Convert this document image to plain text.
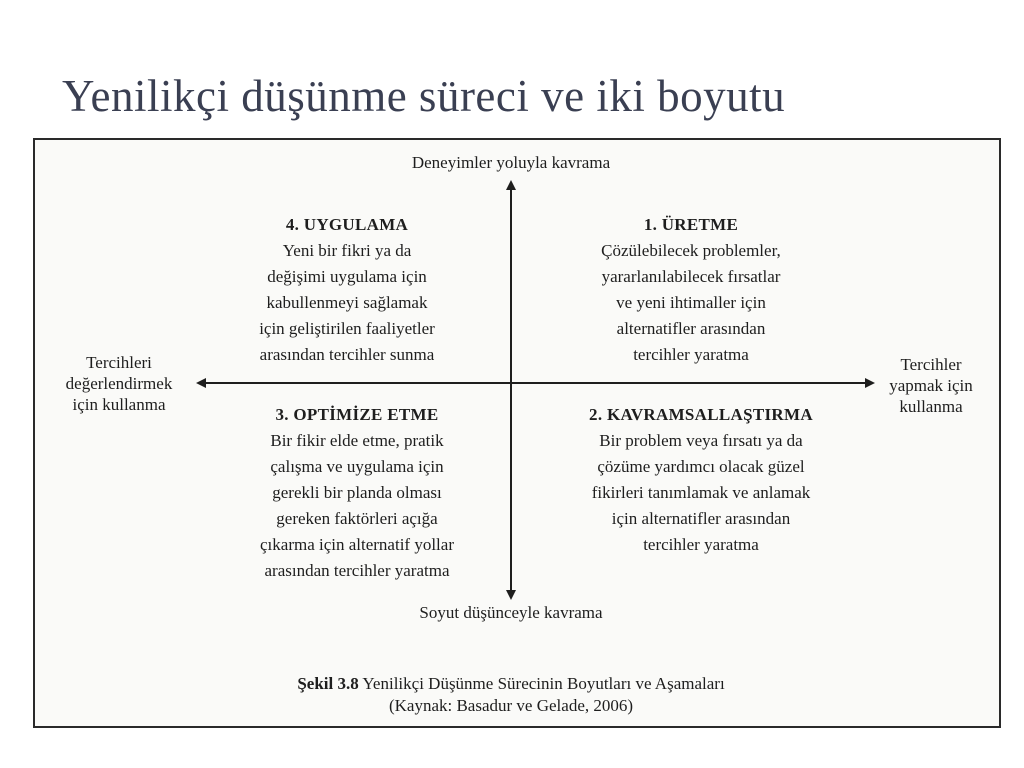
Yenilikçi düşünme süreci ve iki boyutu
Deneyimler yoluyla kavrama
Soyut düşünceyle kavrama
Tercihleri
değerlendirmek
için kullanma
Tercihler
yapmak için
kullanma
4. UYGULAMA
Yeni bir fikri ya da
değişimi uygulama için
kabullenmeyi sağlamak
için geliştirilen faaliyetler
arasından tercihler sunma
1. ÜRETME
Çözülebilecek problemler,
yararlanılabilecek fırsatlar
ve yeni ihtimaller için
alternatifler arasından
tercihler yaratma
3. OPTİMİZE ETME
Bir fikir elde etme, pratik
çalışma ve uygulama için
gerekli bir planda olması
gereken faktörleri açığa
çıkarma için alternatif yollar
arasından tercihler yaratma
2. KAVRAMSALLAŞTIRMA
Bir problem veya fırsatı ya da
çözüme yardımcı olacak güzel
fikirleri tanımlamak ve anlamak
için alternatifler arasından
tercihler yaratma
Şekil 3.8 Yenilikçi Düşünme Sürecinin Boyutları ve Aşamaları
(Kaynak: Basadur ve Gelade, 2006)
